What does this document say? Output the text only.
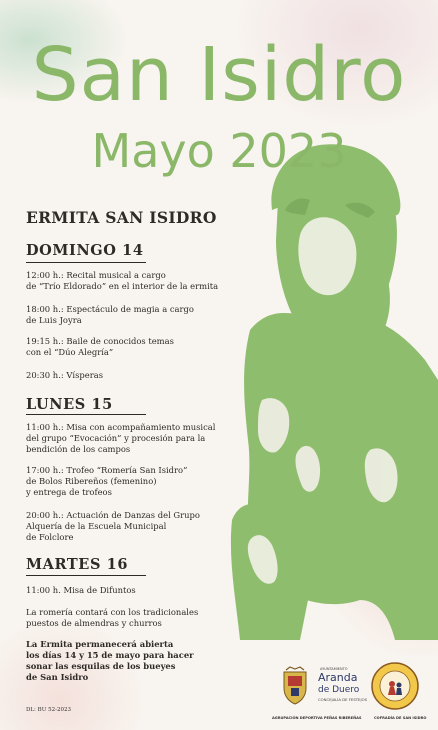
San Isidro
Mayo 2023
ERMITA SAN ISIDRO
DOMINGO 14
12:00 h.: Recital musical a cargo
de “Trío Eldorado” en el interior de la ermita
18:00 h.: Espectáculo de magia a cargo
de Luis Joyra
19:15 h.: Baile de conocidos temas
con el “Dúo Alegría”
20:30 h.: Vísperas
LUNES 15
11:00 h.: Misa con acompañamiento musical
del grupo “Evocación” y procesión para la
bendición de los campos
17:00 h.: Trofeo “Romería San Isidro”
de Bolos Ribereños (femenino)
y entrega de trofeos
20:00 h.: Actuación de Danzas del Grupo
Alquería de la Escuela Municipal
de Folclore
MARTES 16
11:00 h. Misa de Difuntos
La romería contará con los tradicionales
puestos de almendras y churros
La Ermita permanecerá abierta
los días 14 y 15 de mayo para hacer
sonar las esquilas de los bueyes
de San Isidro
DL: BU 52-2023
AYUNTAMIENTO
Aranda
de Duero
CONCEJALÍA DE FESTEJOS
AGRUPACIÓN DEPORTIVA PEÑAS RIBEREÑAS	COFRADÍA DE SAN ISIDRO
